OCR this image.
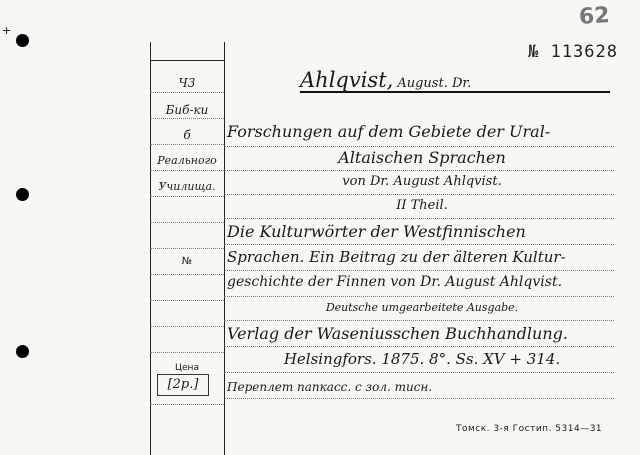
+
62
№ 113628
Ч3
Биб-ки
б
Реального
Училища.
№
Цена
[2р.]
Ahlqvist, August. Dr.
Forschungen auf dem Gebiete der Ural-
Altaischen Sprachen
von Dr. August Ahlqvist.
II Theil.
Die Kulturwörter der Westfinnischen
Sprachen. Ein Beitrag zu der älteren Kultur-
geschichte der Finnen von Dr. August Ahlqvist.
Deutsche umgearbeitete Ausgabe.
Verlag der Waseniusschen Buchhandlung.
Helsingfors. 1875. 8°. Ss. XV + 314.
Переплет папкасс. с зол. тисн.
Томск. 3-я Гостип. 5314—31
